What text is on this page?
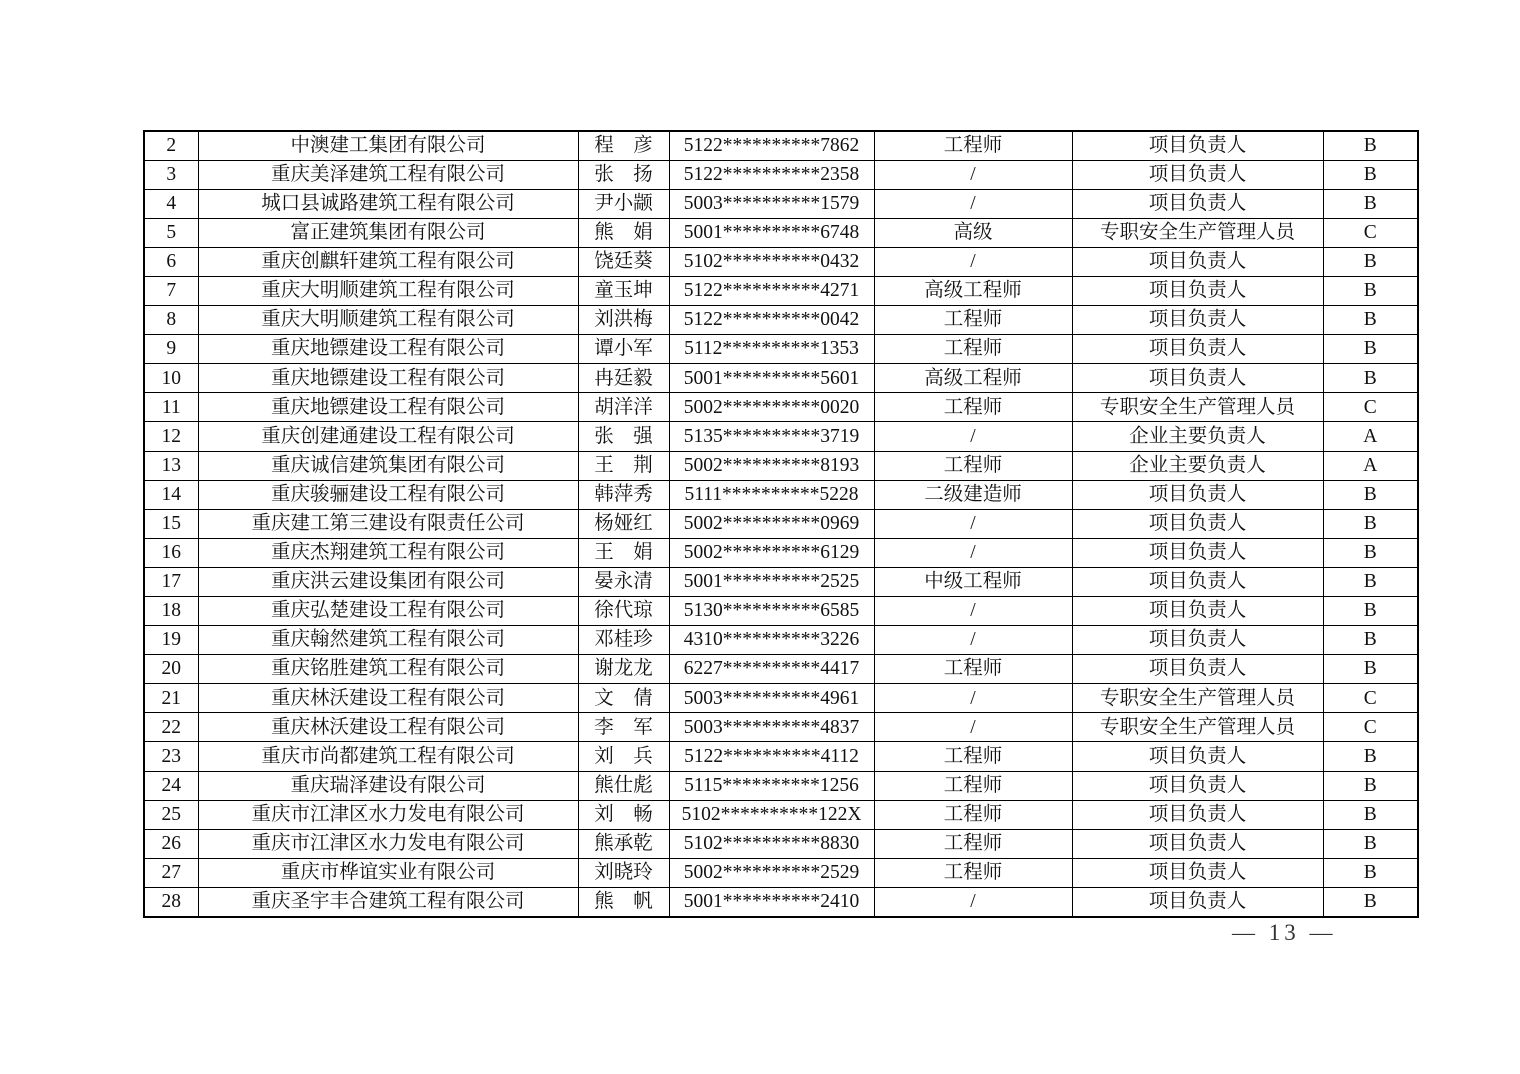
2	中澳建工集团有限公司	程　彦	5122**********7862	工程师	项目负责人	B
3	重庆美泽建筑工程有限公司	张　扬	5122**********2358	/	项目负责人	B
4	城口县诚路建筑工程有限公司	尹小颛	5003**********1579	/	项目负责人	B
5	富正建筑集团有限公司	熊　娟	5001**********6748	高级	专职安全生产管理人员	C
6	重庆创麒轩建筑工程有限公司	饶廷葵	5102**********0432	/	项目负责人	B
7	重庆大明顺建筑工程有限公司	童玉坤	5122**********4271	高级工程师	项目负责人	B
8	重庆大明顺建筑工程有限公司	刘洪梅	5122**********0042	工程师	项目负责人	B
9	重庆地镖建设工程有限公司	谭小军	5112**********1353	工程师	项目负责人	B
10	重庆地镖建设工程有限公司	冉廷毅	5001**********5601	高级工程师	项目负责人	B
11	重庆地镖建设工程有限公司	胡洋洋	5002**********0020	工程师	专职安全生产管理人员	C
12	重庆创建通建设工程有限公司	张　强	5135**********3719	/	企业主要负责人	A
13	重庆诚信建筑集团有限公司	王　荆	5002**********8193	工程师	企业主要负责人	A
14	重庆骏骊建设工程有限公司	韩萍秀	5111**********5228	二级建造师	项目负责人	B
15	重庆建工第三建设有限责任公司	杨娅红	5002**********0969	/	项目负责人	B
16	重庆杰翔建筑工程有限公司	王　娟	5002**********6129	/	项目负责人	B
17	重庆洪云建设集团有限公司	晏永清	5001**********2525	中级工程师	项目负责人	B
18	重庆弘楚建设工程有限公司	徐代琼	5130**********6585	/	项目负责人	B
19	重庆翰然建筑工程有限公司	邓桂珍	4310**********3226	/	项目负责人	B
20	重庆铭胜建筑工程有限公司	谢龙龙	6227**********4417	工程师	项目负责人	B
21	重庆林沃建设工程有限公司	文　倩	5003**********4961	/	专职安全生产管理人员	C
22	重庆林沃建设工程有限公司	李　军	5003**********4837	/	专职安全生产管理人员	C
23	重庆市尚都建筑工程有限公司	刘　兵	5122**********4112	工程师	项目负责人	B
24	重庆瑞泽建设有限公司	熊仕彪	5115**********1256	工程师	项目负责人	B
25	重庆市江津区水力发电有限公司	刘　畅	5102**********122X	工程师	项目负责人	B
26	重庆市江津区水力发电有限公司	熊承乾	5102**********8830	工程师	项目负责人	B
27	重庆市桦谊实业有限公司	刘晓玲	5002**********2529	工程师	项目负责人	B
28	重庆圣宇丰合建筑工程有限公司	熊　帆	5001**********2410	/	项目负责人	B
— 13 —
